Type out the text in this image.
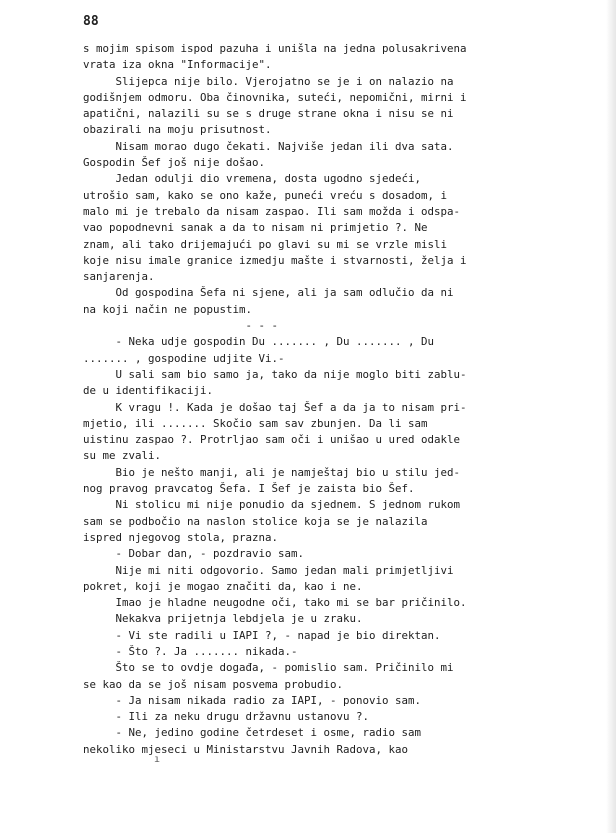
88
s mojim spisom ispod pazuha i unišla na jedna polusakrivena
vrata iza okna "Informacije".
Slijepca nije bilo. Vjerojatno se je i on nalazio na
godišnjem odmoru. Oba činovnika, sutеći, nepomični, mirni i
apatični, nalazili su se s druge strane okna i nisu se ni
obazirali na moju prisutnost.
Nisam morao dugo čekati. Najviše jedan ili dva sata.
Gospodin Šef još nije došao.
Jedan odulji dio vremena, dosta ugodno sjedeći,
utrošio sam, kako se ono kaže, puneći vreću s dosadom, i
malo mi je trebalo da nisam zaspao. Ili sam možda i odspa-
vao popodnevni sanak a da to nisam ni primjetio ?. Ne
znam, ali tako drijemajući po glavi su mi se vrzle misli
koje nisu imale granice izmedju mašte i stvarnosti, želja i
sanjarenja.
Od gospodina Šefa ni sjene, ali ja sam odlučio da ni
na koji način ne popustim.
- - -
- Neka udje gospodin Du ....... , Du ....... , Du
....... , gospodine udjite Vi.-
U sali sam bio samo ja, tako da nije moglo biti zablu-
de u identifikaciji.
K vragu !. Kada je došao taj Šef a da ja to nisam pri-
mjetio, ili ....... Skočio sam sav zbunjen. Da li sam
uistinu zaspao ?. Protrljao sam oči i unišao u ured odakle
su me zvali.
Bio je nešto manji, ali je namještaj bio u stilu jed-
nog pravog pravcatog Šefa. I Šef je zaista bio Šef.
Ni stolicu mi nije ponudio da sjednem. S jednom rukom
sam se podbočio na naslon stolice koja se je nalazila
ispred njegovog stola, prazna.
- Dobar dan, - pozdravio sam.
Nije mi niti odgovorio. Samo jedan mali primjetljivi
pokret, koji je mogao značiti da, kao i ne.
Imao je hladne neugodne oči, tako mi se bar pričinilo.
Nekakva prijetnja lebdjela je u zraku.
- Vi ste radili u IAPI ?, - napad je bio direktan.
- Što ?. Ja ....... nikada.-
Što se to ovdje događa, - pomislio sam. Pričinilo mi
se kao da se još nisam posvema probudio.
- Ja nisam nikada radio za IAPI, - ponovio sam.
- Ili za neku drugu državnu ustanovu ?.
- Ne, jedino godine četrdeset i osme, radio sam
nekoliko mjeseci u Ministarstvu Javnih Radova, kao
ı
